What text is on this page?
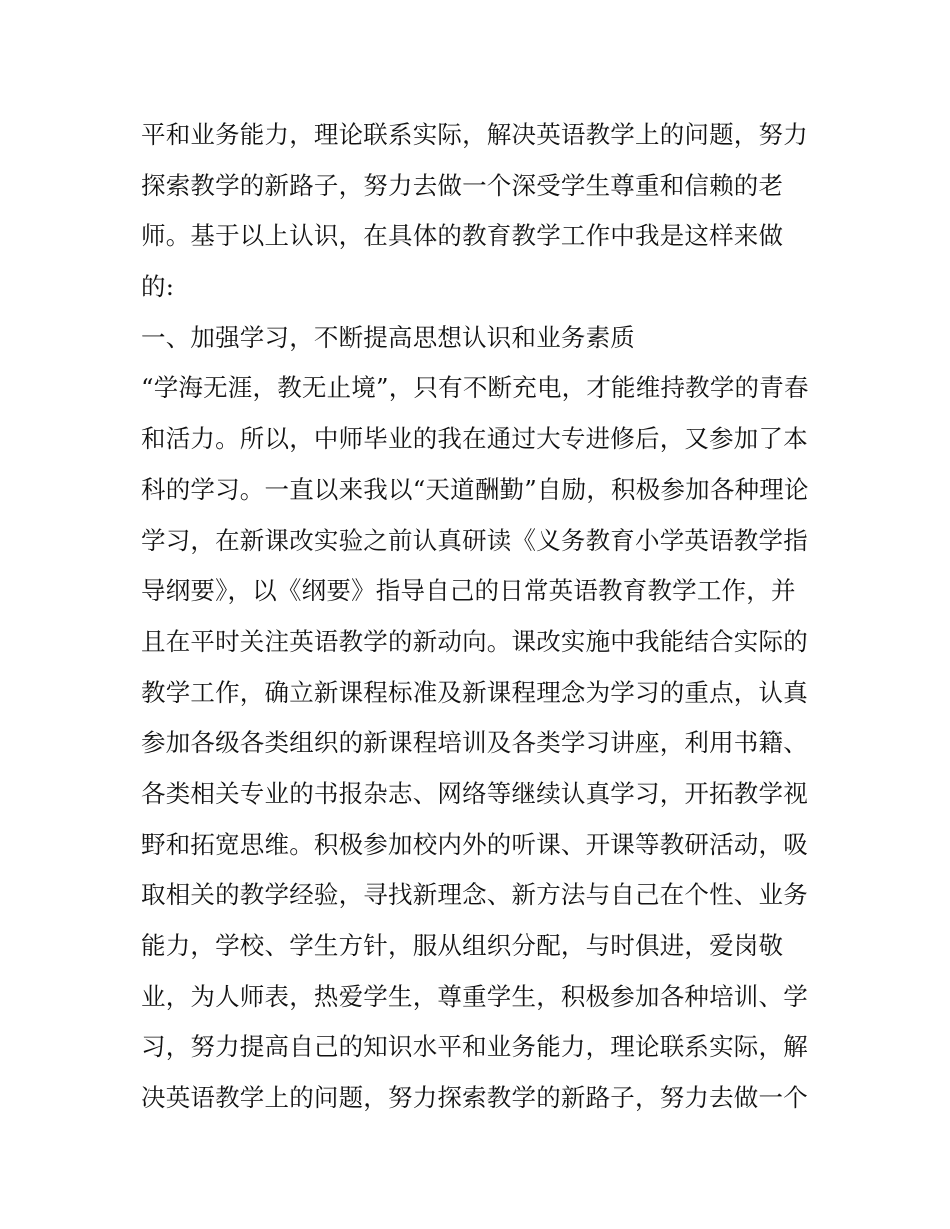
平和业务能力，理论联系实际，解决英语教学上的问题，努力
探索教学的新路子，努力去做一个深受学生尊重和信赖的老
师。基于以上认识，在具体的教育教学工作中我是这样来做
的:
一、加强学习，不断提高思想认识和业务素质
“学海无涯，教无止境”，只有不断充电，才能维持教学的青春
和活力。所以，中师毕业的我在通过大专进修后，又参加了本
科的学习。一直以来我以“天道酬勤”自励，积极参加各种理论
学习，在新课改实验之前认真研读《义务教育小学英语教学指
导纲要》，以《纲要》指导自己的日常英语教育教学工作，并
且在平时关注英语教学的新动向。课改实施中我能结合实际的
教学工作，确立新课程标准及新课程理念为学习的重点，认真
参加各级各类组织的新课程培训及各类学习讲座，利用书籍、
各类相关专业的书报杂志、网络等继续认真学习，开拓教学视
野和拓宽思维。积极参加校内外的听课、开课等教研活动，吸
取相关的教学经验，寻找新理念、新方法与自己在个性、业务
能力，学校、学生方针，服从组织分配，与时俱进，爱岗敬
业，为人师表，热爱学生，尊重学生，积极参加各种培训、学
习，努力提高自己的知识水平和业务能力，理论联系实际，解
决英语教学上的问题，努力探索教学的新路子，努力去做一个
